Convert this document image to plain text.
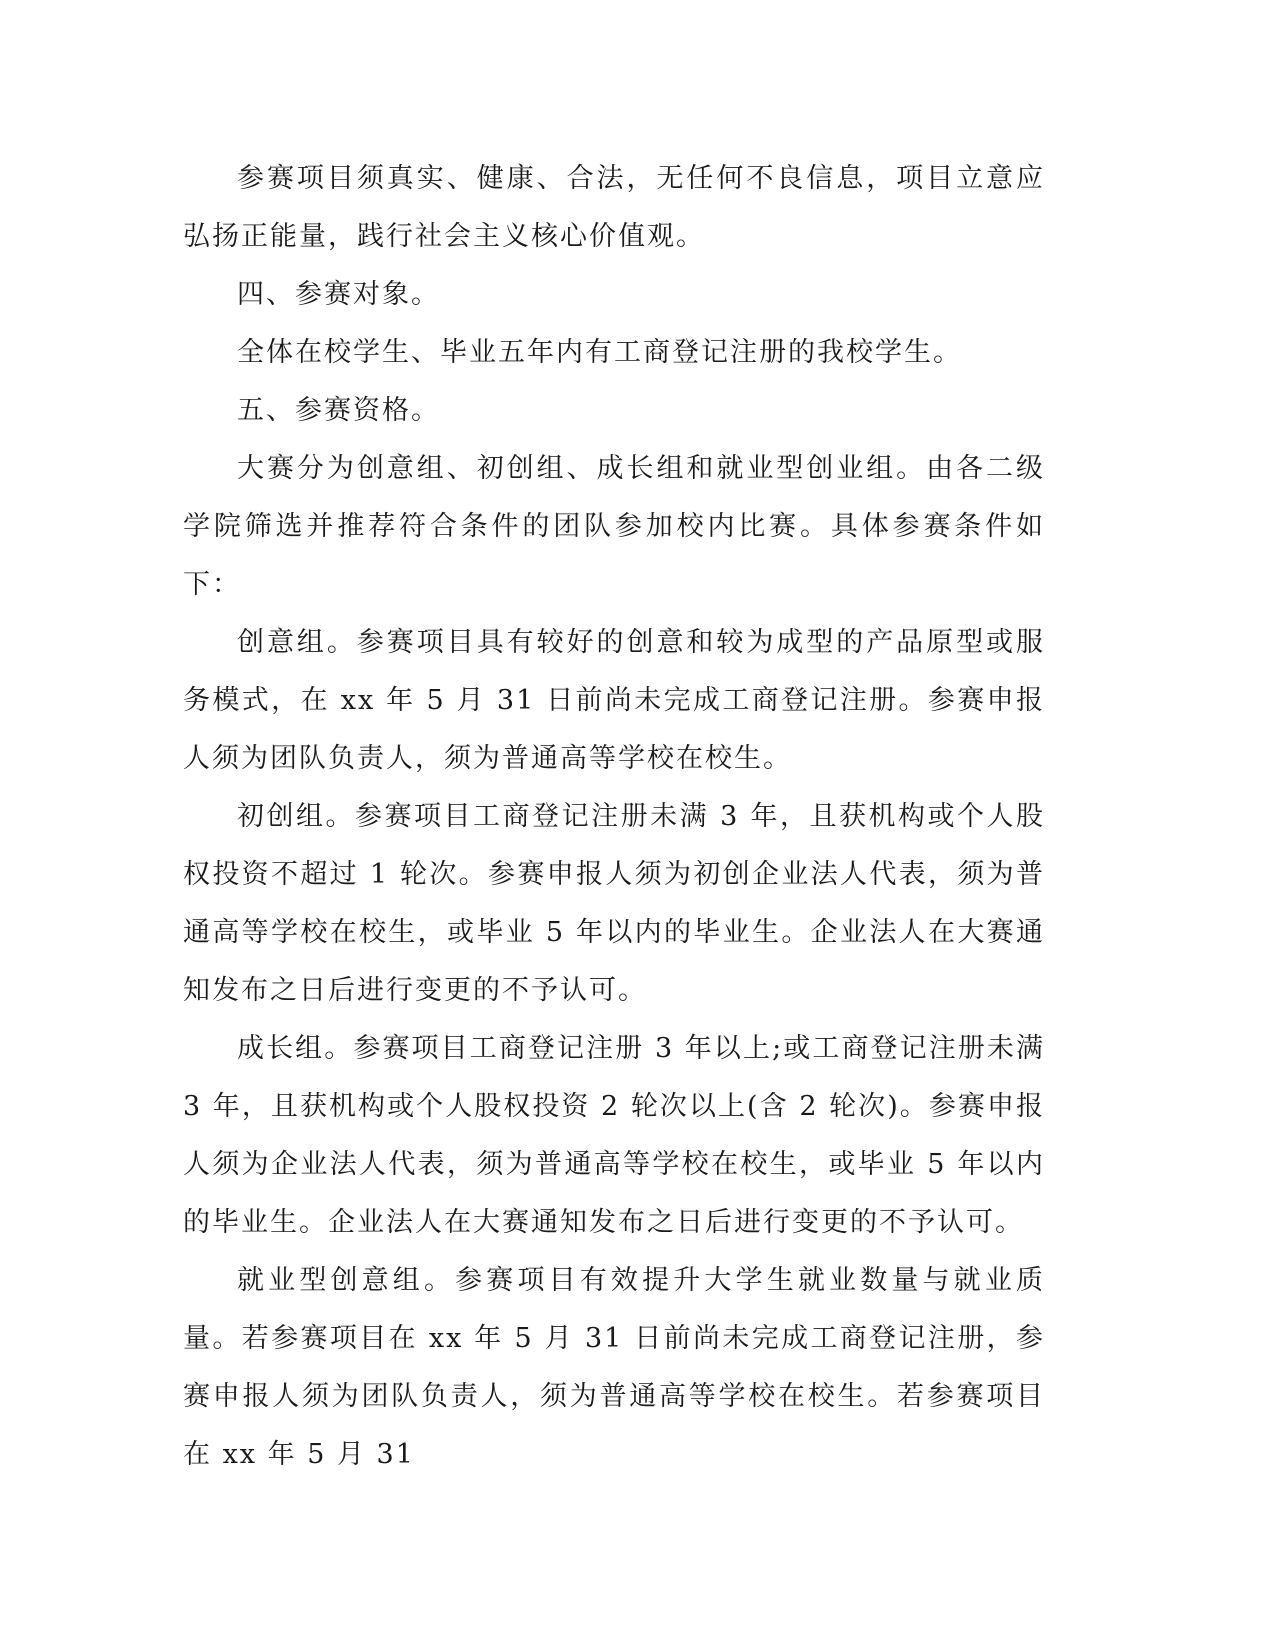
参赛项目须真实、健康、合法，无任何不良信息，项目立意应弘扬正能量，践行社会主义核心价值观。

四、参赛对象。

全体在校学生、毕业五年内有工商登记注册的我校学生。

五、参赛资格。

大赛分为创意组、初创组、成长组和就业型创业组。由各二级学院筛选并推荐符合条件的团队参加校内比赛。具体参赛条件如下：

创意组。参赛项目具有较好的创意和较为成型的产品原型或服务模式，在 xx 年 5 月 31 日前尚未完成工商登记注册。参赛申报人须为团队负责人，须为普通高等学校在校生。

初创组。参赛项目工商登记注册未满 3 年，且获机构或个人股权投资不超过 1 轮次。参赛申报人须为初创企业法人代表，须为普通高等学校在校生，或毕业 5 年以内的毕业生。企业法人在大赛通知发布之日后进行变更的不予认可。

成长组。参赛项目工商登记注册 3 年以上;或工商登记注册未满 3 年，且获机构或个人股权投资 2 轮次以上(含 2 轮次)。参赛申报人须为企业法人代表，须为普通高等学校在校生，或毕业 5 年以内的毕业生。企业法人在大赛通知发布之日后进行变更的不予认可。

就业型创意组。参赛项目有效提升大学生就业数量与就业质量。若参赛项目在 xx 年 5 月 31 日前尚未完成工商登记注册，参赛申报人须为团队负责人，须为普通高等学校在校生。若参赛项目在 xx 年 5 月 31
